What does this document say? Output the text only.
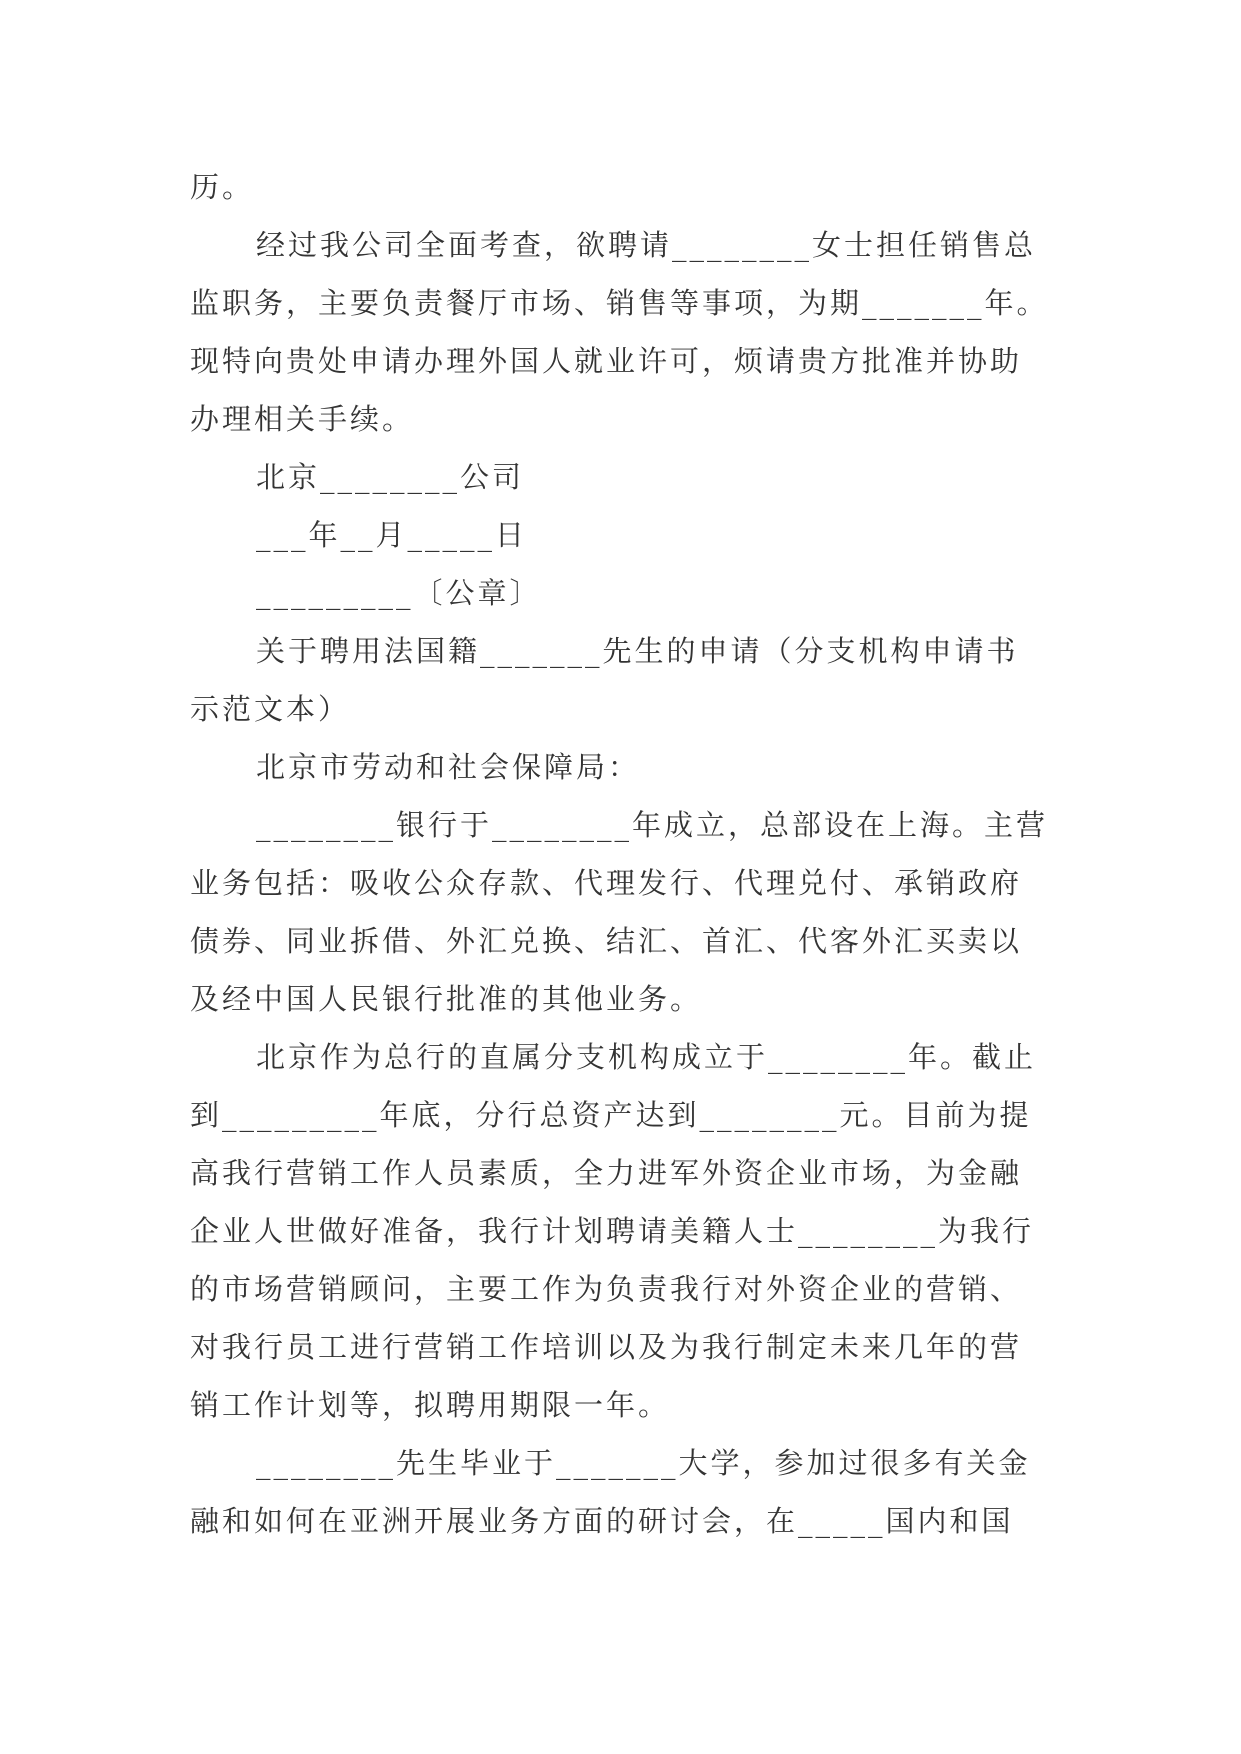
历。

经过我公司全面考查，欲聘请________女士担任销售总监职务，主要负责餐厅市场、销售等事项，为期_______年。现特向贵处申请办理外国人就业许可，烦请贵方批准并协助办理相关手续。

北京________公司

___年__月_____日

_________〔公章〕

关于聘用法国籍_______先生的申请（分支机构申请书示范文本）

北京市劳动和社会保障局：

________银行于________年成立，总部设在上海。主营业务包括：吸收公众存款、代理发行、代理兑付、承销政府债券、同业拆借、外汇兑换、结汇、首汇、代客外汇买卖以及经中国人民银行批准的其他业务。

北京作为总行的直属分支机构成立于________年。截止到_________年底，分行总资产达到________元。目前为提高我行营销工作人员素质，全力进军外资企业市场，为金融企业人世做好准备，我行计划聘请美籍人士________为我行的市场营销顾问，主要工作为负责我行对外资企业的营销、对我行员工进行营销工作培训以及为我行制定未来几年的营销工作计划等，拟聘用期限一年。

________先生毕业于_______大学，参加过很多有关金融和如何在亚洲开展业务方面的研讨会，在_____国内和国
